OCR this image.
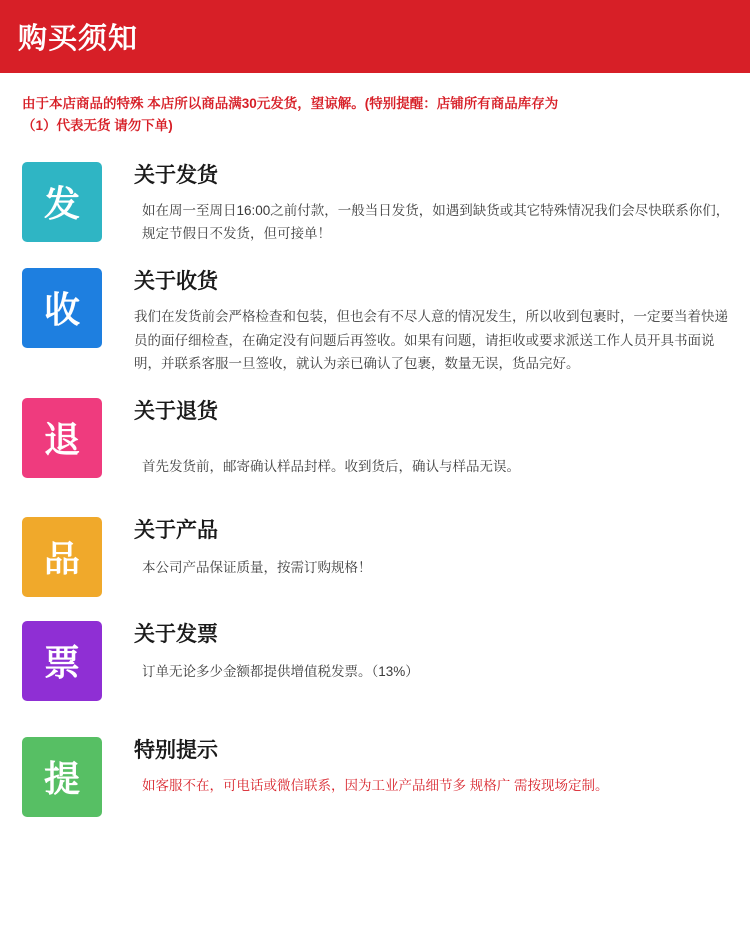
购买须知
由于本店商品的特殊 本店所以商品满30元发货，望谅解。(特别提醒：店铺所有商品库存为（1）代表无货 请勿下单)
发
关于发货

如在周一至周日16:00之前付款，一般当日发货，如遇到缺货或其它特殊情况我们会尽快联系你们，规定节假日不发货，但可接单！

收
关于收货

我们在发货前会严格检查和包装，但也会有不尽人意的情况发生，所以收到包裹时，一定要当着快递员的面仔细检查，在确定没有问题后再签收。如果有问题，请拒收或要求派送工作人员开具书面说明，并联系客服一旦签收，就认为亲已确认了包裹，数量无误，货品完好。

退
关于退货

首先发货前，邮寄确认样品封样。收到货后，确认与样品无误。

品
关于产品

本公司产品保证质量，按需订购规格！

票
关于发票

订单无论多少金额都提供增值税发票。（13%）

提
特别提示

如客服不在，可电话或微信联系，因为工业产品细节多 规格广 需按现场定制。
